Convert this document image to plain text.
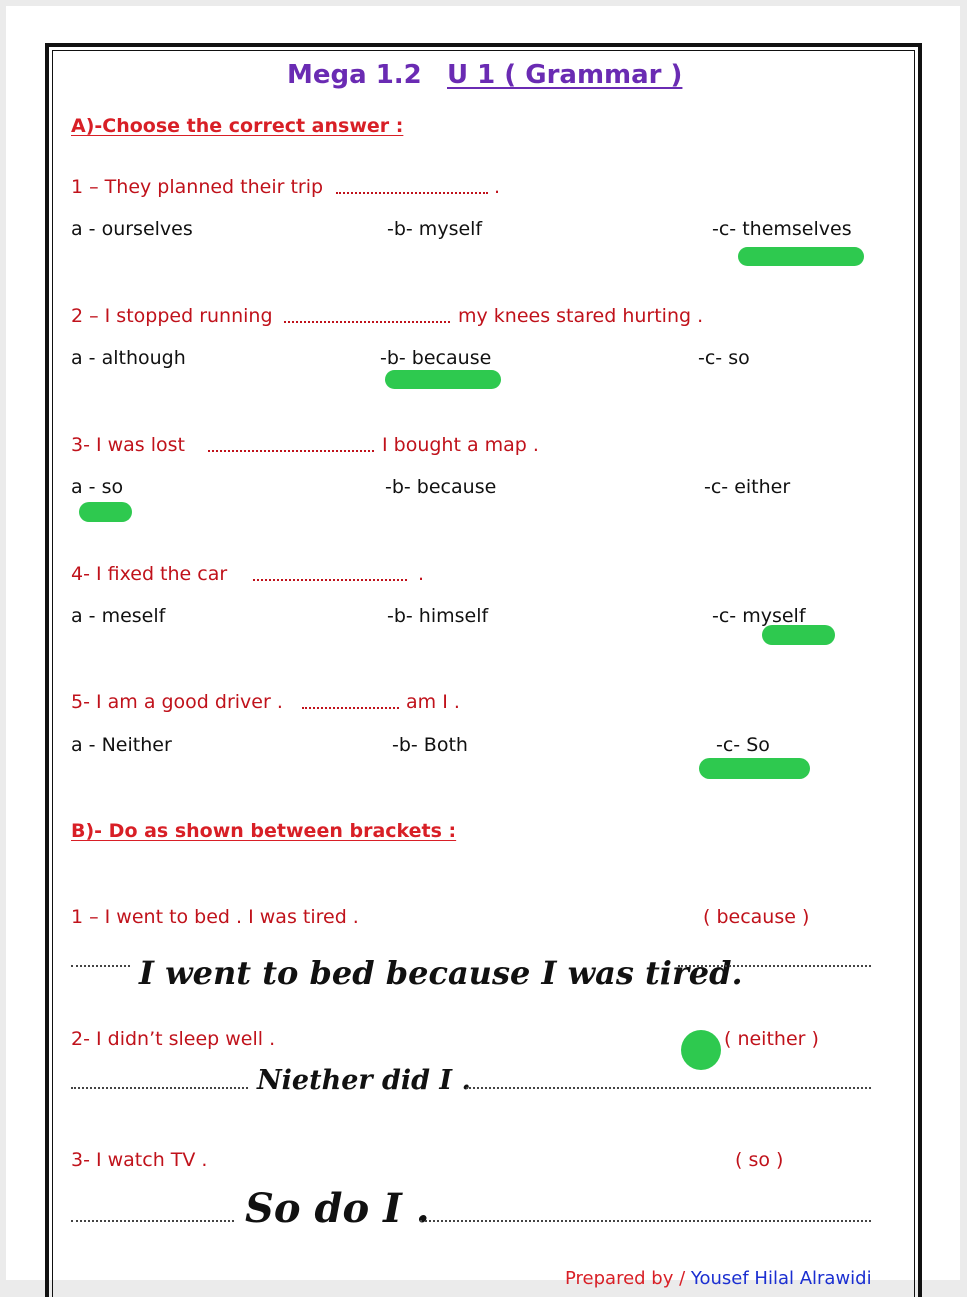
Mega 1.2 U 1 ( Grammar )
A)-Choose the correct answer :
1 – They planned their trip	.
a - ourselves	-b- myself	-c- themselves
2 – I stopped running	my knees stared hurting .
a - although	-b- because	-c- so
3- I was lost	I bought a map .
a - so	-b- because	-c- either
4- I fixed the car	.
a - meself	-b- himself	-c- myself
5- I am a good driver .	am I .
a - Neither	-b- Both	-c- So
B)- Do as shown between brackets :
1 – I went to bed . I was tired .	( because )
I went to bed because I was tired.
2- I didn’t sleep well .	( neither )
Niether did I .
3- I watch TV .	( so )
So do I .
Prepared by / Yousef Hilal Alrawidi
